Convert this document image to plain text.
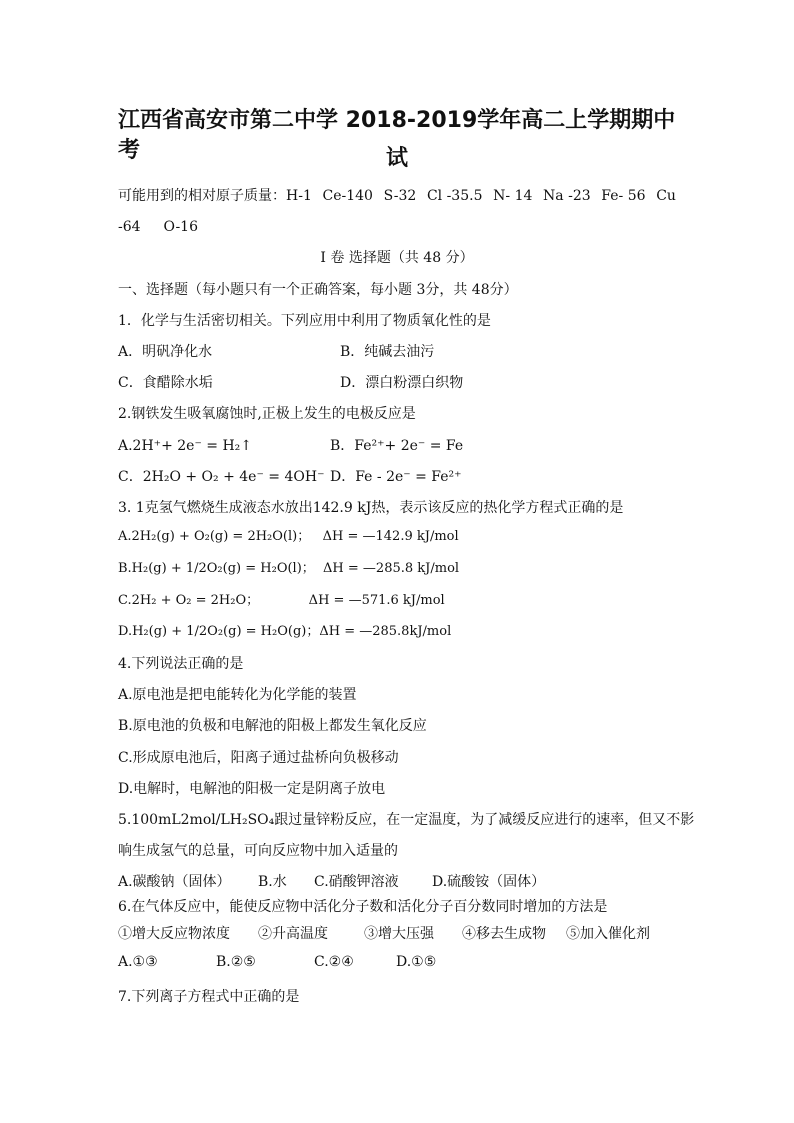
江西省高安市第二中学 2018-2019学年高二上学期期中考	试
可能用到的相对原子质量： H-1 Ce-140 S-32 Cl -35.5 N- 14 Na -23 Fe- 56 Cu
-64 O-16
I 卷 选择题（共 48 分）
一、选择题（每小题只有一个正确答案，每小题 3分，共 48分）
1．化学与生活密切相关。下列应用中利用了物质氧化性的是
A．明矾净化水	B．纯碱去油污
C．食醋除水垢	D．漂白粉漂白织物
2.钢铁发生吸氧腐蚀时,正极上发生的电极反应是
A.2H⁺+ 2e⁻ = H₂↑	B．Fe²⁺+ 2e⁻ = Fe
C．2H₂O + O₂ + 4e⁻ = 4OH⁻ D．Fe - 2e⁻ = Fe²⁺
3. 1克氢气燃烧生成液态水放出142.9 kJ热，表示该反应的热化学方程式正确的是
A.2H₂(g) + O₂(g) = 2H₂O(l)；   ΔH = —142.9 kJ/mol
B.H₂(g) + 1/2O₂(g) = H₂O(l)；  ΔH = —285.8 kJ/mol
C.2H₂ + O₂ = 2H₂O；            ΔH = —571.6 kJ/mol
D.H₂(g) + 1/2O₂(g) = H₂O(g)；ΔH = —285.8kJ/mol
4.下列说法正确的是
A.原电池是把电能转化为化学能的装置
B.原电池的负极和电解池的阳极上都发生氧化反应
C.形成原电池后，阳离子通过盐桥向负极移动
D.电解时，电解池的阳极一定是阴离子放电
5.100mL2mol/LH₂SO₄跟过量锌粉反应，在一定温度，为了减缓反应进行的速率，但又不影
响生成氢气的总量，可向反应物中加入适量的
A.碳酸钠（固体） B.水 C.硝酸钾溶液 D.硫酸铵（固体）
6.在气体反应中，能使反应物中活化分子数和活化分子百分数同时增加的方法是
①增大反应物浓度 ②升高温度	③增大压强 ④移去生成物 ⑤加入催化剂
A.①③	B.②⑤	C.②④	D.①⑤
7.下列离子方程式中正确的是
